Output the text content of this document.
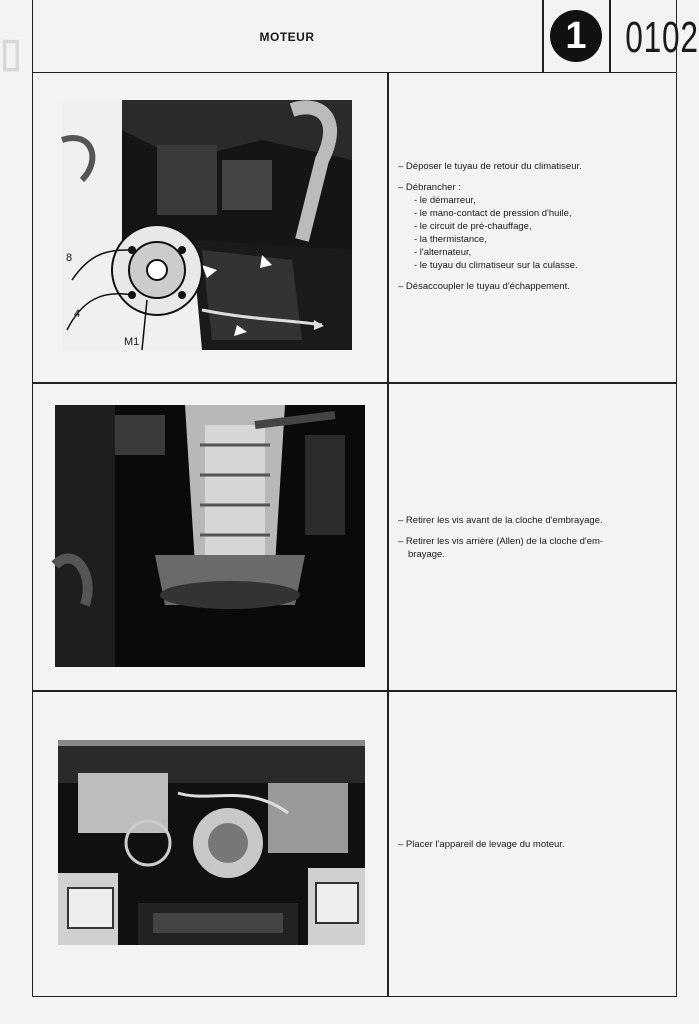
▯	MOTEUR	1 0102
8
4
M1

– Déposer le tuyau de retour du climatiseur.

– Débrancher :

- le démarreur,
- le mano-contact de pression d'huile,
- le circuit de pré-chauffage,
- la thermistance,
- l'alternateur,
- le tuyau du climatiseur sur la culasse.

– Désaccoupler le tuyau d'échappement.

– Retirer les vis avant de la cloche d'embrayage.

– Retirer les vis arrière (Allen) de la cloche d'em-
brayage.

– Placer l'appareil de levage du moteur.
